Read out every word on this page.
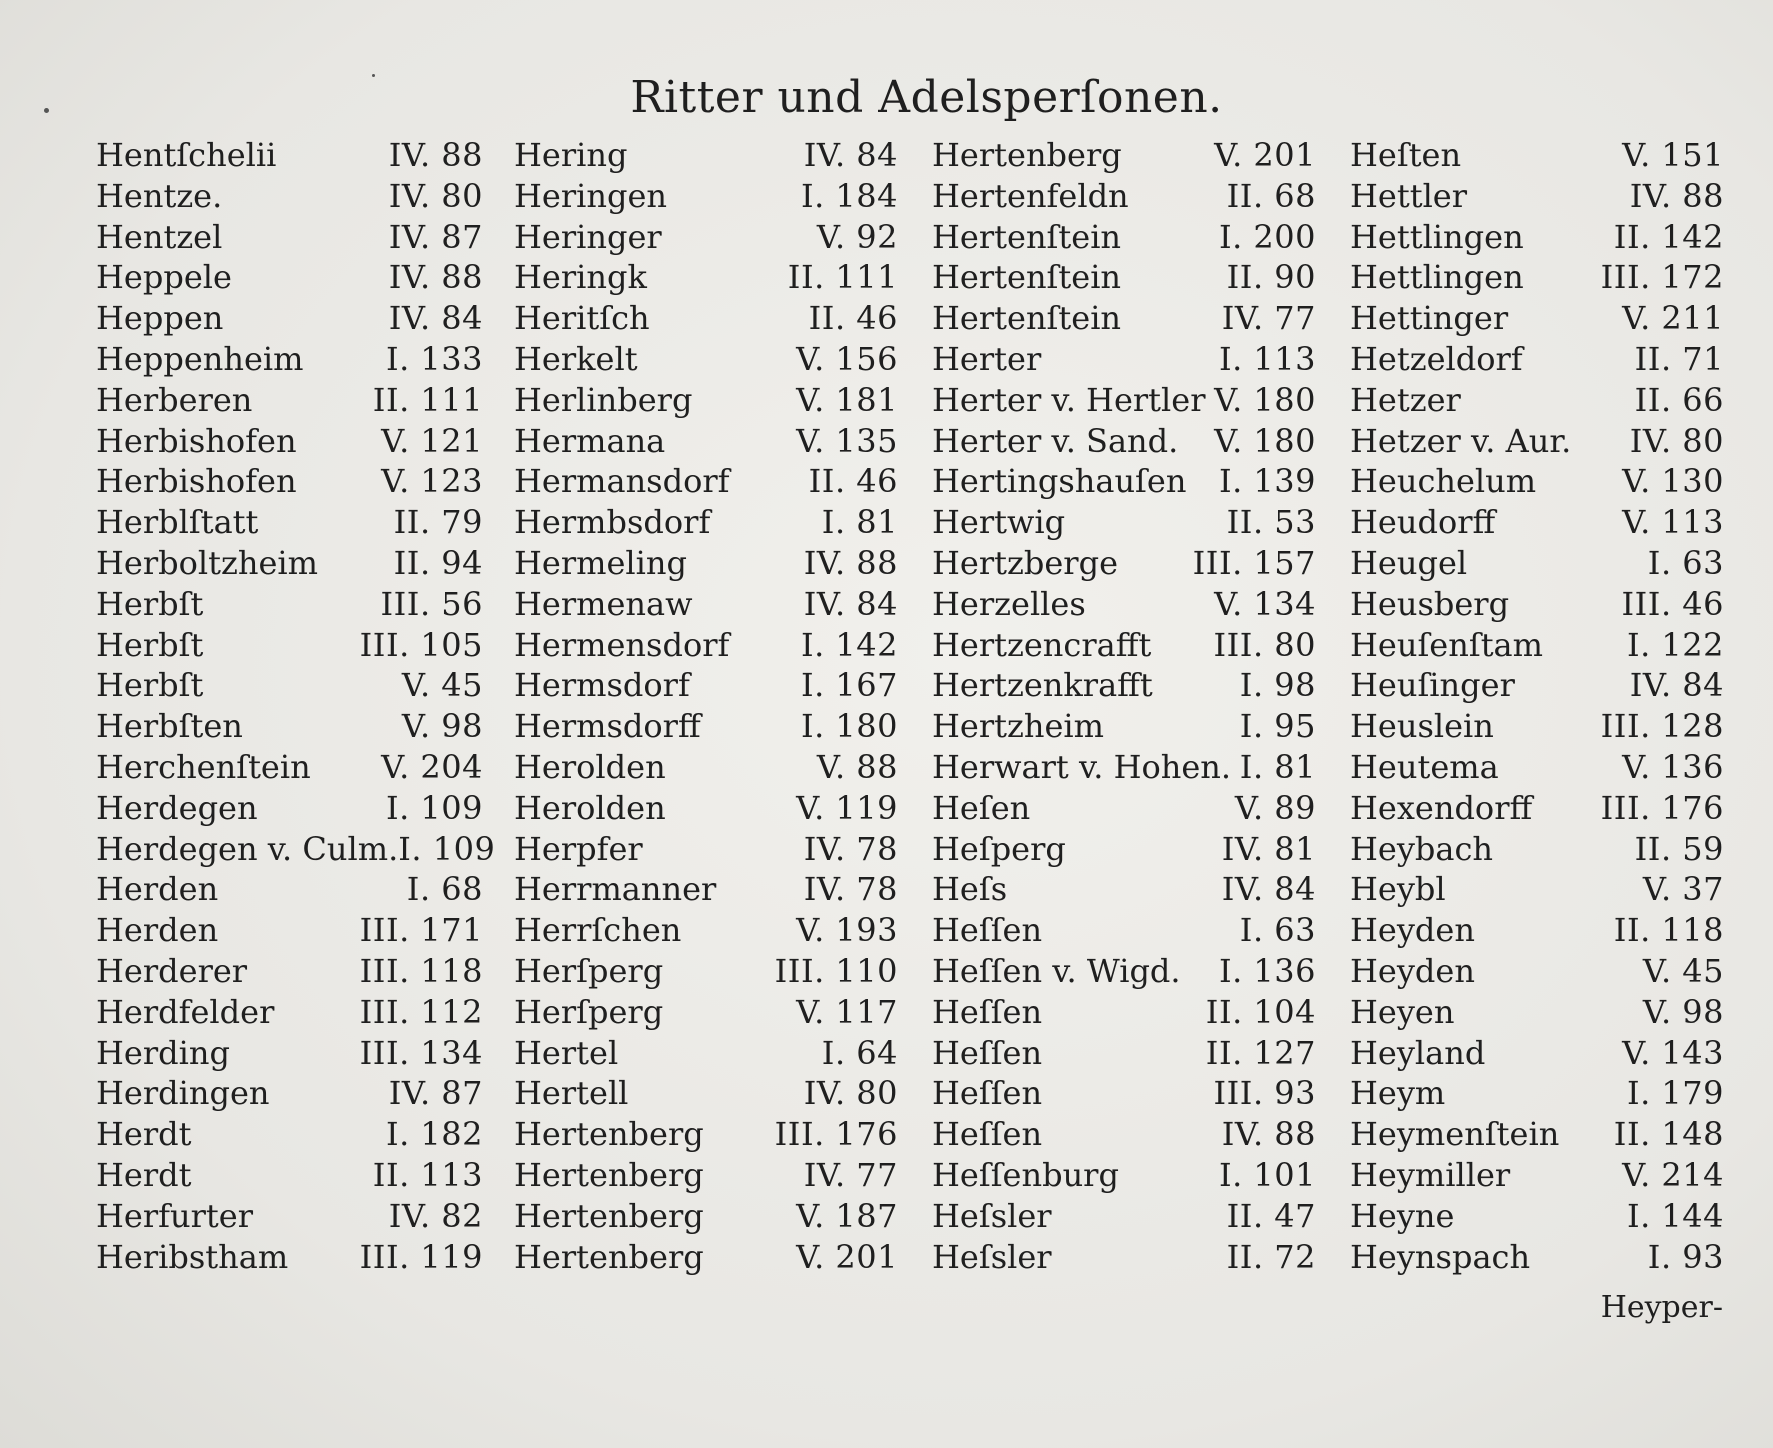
Ritter und Adelsperſonen.
Hentſchelii	IV. 88
Hentze.	IV. 80
Hentzel	IV. 87
Heppele	IV. 88
Heppen	IV. 84
Heppenheim	I. 133
Herberen	II. 111
Herbishofen	V. 121
Herbishofen	V. 123
Herblſtatt	II. 79
Herboltzheim II. 94
Herbſt	III. 56
Herbſt	III. 105
Herbſt	V. 45
Herbſten	V. 98
Herchenſtein V. 204
Herdegen	I. 109
Herdegen v. Culm. I. 109
Herden	I. 68
Herden	III. 171
Herderer	III. 118
Herdfelder	III. 112
Herding	III. 134
Herdingen	IV. 87
Herdt	I. 182
Herdt	II. 113
Herfurter	IV. 82
Heribstham III. 119
Hering	IV. 84
Heringen	I. 184
Heringer	V. 92
Heringk	II. 111
Heritſch	II. 46
Herkelt	V. 156
Herlinberg	V. 181
Hermana	V. 135
Hermansdorf II. 46
Hermbsdorf	I. 81
Hermeling	IV. 88
Hermenaw	IV. 84
Hermensdorf I. 142
Hermsdorf	I. 167
Hermsdorff	I. 180
Herolden	V. 88
Herolden	V. 119
Herpfer	IV. 78
Herrmanner	IV. 78
Herrſchen	V. 193
Herſperg	III. 110
Herſperg	V. 117
Hertel	I. 64
Hertell	IV. 80
Hertenberg III. 176
Hertenberg	IV. 77
Hertenberg	V. 187
Hertenberg	V. 201
Hertenberg	V. 201
Hertenfeldn	II. 68
Hertenſtein	I. 200
Hertenſtein	II. 90
Hertenſtein	IV. 77
Herter	I. 113
Herter v. Hertler V. 180
Herter v. Sand. V. 180
Hertingshauſen I. 139
Hertwig	II. 53
Hertzberge III. 157
Herzelles	V. 134
Hertzencrafft III. 80
Hertzenkrafft	I. 98
Hertzheim	I. 95
Herwart v. Hohen. I. 81
Heſen	V. 89
Heſperg	IV. 81
Heſs	IV. 84
Heſſen	I. 63
Heſſen v. Wigd. I. 136
Heſſen	II. 104
Heſſen	II. 127
Heſſen	III. 93
Heſſen	IV. 88
Heſſenburg	I. 101
Heſsler	II. 47
Heſsler	II. 72
Heſten	V. 151
Hettler	IV. 88
Hettlingen	II. 142
Hettlingen III. 172
Hettinger	V. 211
Hetzeldorf	II. 71
Hetzer	II. 66
Hetzer v. Aur. IV. 80
Heuchelum	V. 130
Heudorff	V. 113
Heugel	I. 63
Heusberg	III. 46
Heuſenſtam	I. 122
Heuſinger	IV. 84
Heuslein	III. 128
Heutema	V. 136
Hexendorff III. 176
Heybach	II. 59
Heybl	V. 37
Heyden	II. 118
Heyden	V. 45
Heyen	V. 98
Heyland	V. 143
Heym	I. 179
Heymenſtein II. 148
Heymiller	V. 214
Heyne	I. 144
Heynspach	I. 93
Heyper-
